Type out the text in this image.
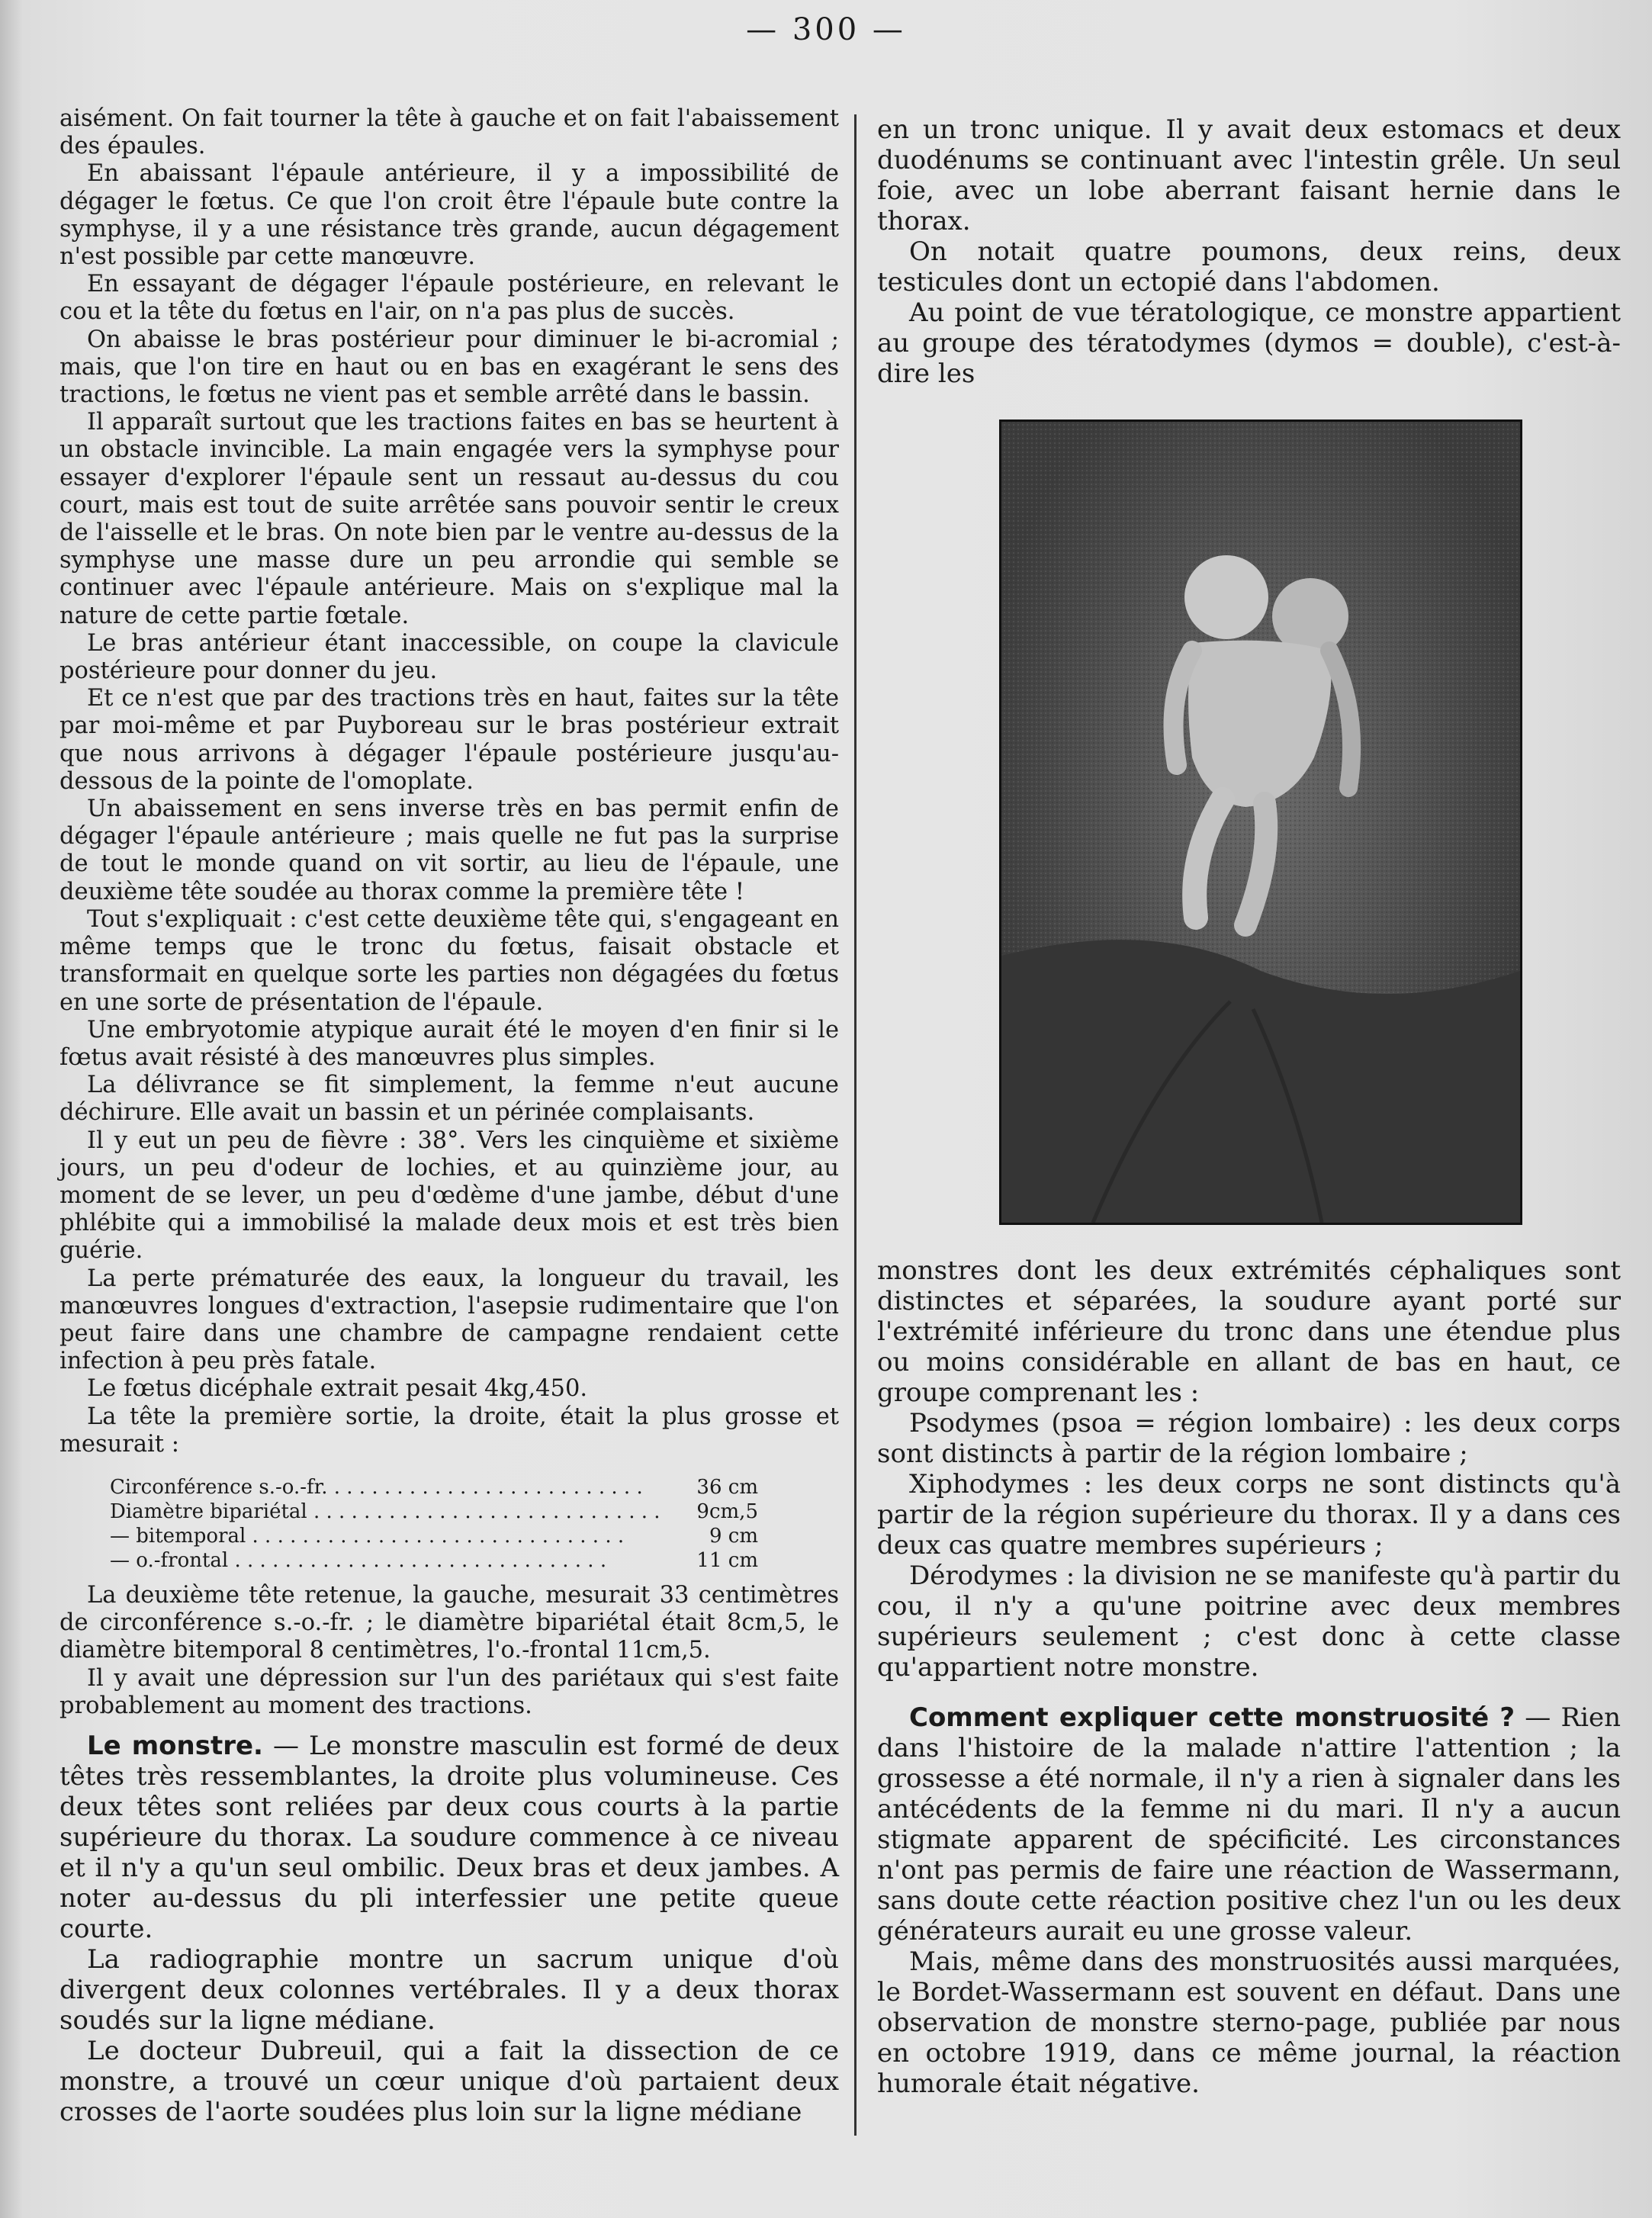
— 300 —

aisément. On fait tourner la tête à gauche et on fait l'abaissement des épaules.

En abaissant l'épaule antérieure, il y a impossibilité de dégager le fœtus. Ce que l'on croit être l'épaule bute contre la symphyse, il y a une résistance très grande, aucun dégagement n'est possible par cette manœuvre.

En essayant de dégager l'épaule postérieure, en relevant le cou et la tête du fœtus en l'air, on n'a pas plus de succès.

On abaisse le bras postérieur pour diminuer le bi-acromial ; mais, que l'on tire en haut ou en bas en exagérant le sens des tractions, le fœtus ne vient pas et semble arrêté dans le bassin.

Il apparaît surtout que les tractions faites en bas se heurtent à un obstacle invincible. La main engagée vers la symphyse pour essayer d'explorer l'épaule sent un ressaut au-dessus du cou court, mais est tout de suite arrêtée sans pouvoir sentir le creux de l'aisselle et le bras. On note bien par le ventre au-dessus de la symphyse une masse dure un peu arrondie qui semble se continuer avec l'épaule antérieure. Mais on s'explique mal la nature de cette partie fœtale.

Le bras antérieur étant inaccessible, on coupe la clavicule postérieure pour donner du jeu.

Et ce n'est que par des tractions très en haut, faites sur la tête par moi-même et par Puyboreau sur le bras postérieur extrait que nous arrivons à dégager l'épaule postérieure jusqu'au-dessous de la pointe de l'omoplate.

Un abaissement en sens inverse très en bas permit enfin de dégager l'épaule antérieure ; mais quelle ne fut pas la surprise de tout le monde quand on vit sortir, au lieu de l'épaule, une deuxième tête soudée au thorax comme la première tête !

Tout s'expliquait : c'est cette deuxième tête qui, s'engageant en même temps que le tronc du fœtus, faisait obstacle et transformait en quelque sorte les parties non dégagées du fœtus en une sorte de présentation de l'épaule.

Une embryotomie atypique aurait été le moyen d'en finir si le fœtus avait résisté à des manœuvres plus simples.

La délivrance se fit simplement, la femme n'eut aucune déchirure. Elle avait un bassin et un périnée complaisants.

Il y eut un peu de fièvre : 38°. Vers les cinquième et sixième jours, un peu d'odeur de lochies, et au quinzième jour, au moment de se lever, un peu d'œdème d'une jambe, début d'une phlébite qui a immobilisé la malade deux mois et est très bien guérie.

La perte prématurée des eaux, la longueur du travail, les manœuvres longues d'extraction, l'asepsie rudimentaire que l'on peut faire dans une chambre de campagne rendaient cette infection à peu près fatale.

Le fœtus dicéphale extrait pesait 4kg,450.

La tête la première sortie, la droite, était la plus grosse et mesurait :

Circonférence s.-o.-fr. . . . . . . . . . . . . . . . . . . . . . . . . .	36 cm
Diamètre bipariétal . . . . . . . . . . . . . . . . . . . . . . . . . . . .	9cm,5
— bitemporal . . . . . . . . . . . . . . . . . . . . . . . . . . . . . .	9 cm
— o.-frontal . . . . . . . . . . . . . . . . . . . . . . . . . . . . . .	11 cm

La deuxième tête retenue, la gauche, mesurait 33 centimètres de circonférence s.-o.-fr. ; le diamètre bipariétal était 8cm,5, le diamètre bitemporal 8 centimètres, l'o.-frontal 11cm,5.

Il y avait une dépression sur l'un des pariétaux qui s'est faite probablement au moment des tractions.

Le monstre. — Le monstre masculin est formé de deux têtes très ressemblantes, la droite plus volumineuse. Ces deux têtes sont reliées par deux cous courts à la partie supérieure du thorax. La soudure commence à ce niveau et il n'y a qu'un seul ombilic. Deux bras et deux jambes. A noter au-dessus du pli interfessier une petite queue courte.

La radiographie montre un sacrum unique d'où divergent deux colonnes vertébrales. Il y a deux thorax soudés sur la ligne médiane.

Le docteur Dubreuil, qui a fait la dissection de ce monstre, a trouvé un cœur unique d'où partaient deux crosses de l'aorte soudées plus loin sur la ligne médiane

en un tronc unique. Il y avait deux estomacs et deux duodénums se continuant avec l'intestin grêle. Un seul foie, avec un lobe aberrant faisant hernie dans le thorax.

On notait quatre poumons, deux reins, deux testicules dont un ectopié dans l'abdomen.

Au point de vue tératologique, ce monstre appartient au groupe des tératodymes (dymos = double), c'est-à-dire les

monstres dont les deux extrémités céphaliques sont distinctes et séparées, la soudure ayant porté sur l'extrémité inférieure du tronc dans une étendue plus ou moins considérable en allant de bas en haut, ce groupe comprenant les :

Psodymes (psoa = région lombaire) : les deux corps sont distincts à partir de la région lombaire ;

Xiphodymes : les deux corps ne sont distincts qu'à partir de la région supérieure du thorax. Il y a dans ces deux cas quatre membres supérieurs ;

Dérodymes : la division ne se manifeste qu'à partir du cou, il n'y a qu'une poitrine avec deux membres supérieurs seulement ; c'est donc à cette classe qu'appartient notre monstre.

Comment expliquer cette monstruosité ? — Rien dans l'histoire de la malade n'attire l'attention ; la grossesse a été normale, il n'y a rien à signaler dans les antécédents de la femme ni du mari. Il n'y a aucun stigmate apparent de spécificité. Les circonstances n'ont pas permis de faire une réaction de Wassermann, sans doute cette réaction positive chez l'un ou les deux générateurs aurait eu une grosse valeur.

Mais, même dans des monstruosités aussi marquées, le Bordet-Wassermann est souvent en défaut. Dans une observation de monstre sterno-page, publiée par nous en octobre 1919, dans ce même journal, la réaction humorale était négative.
